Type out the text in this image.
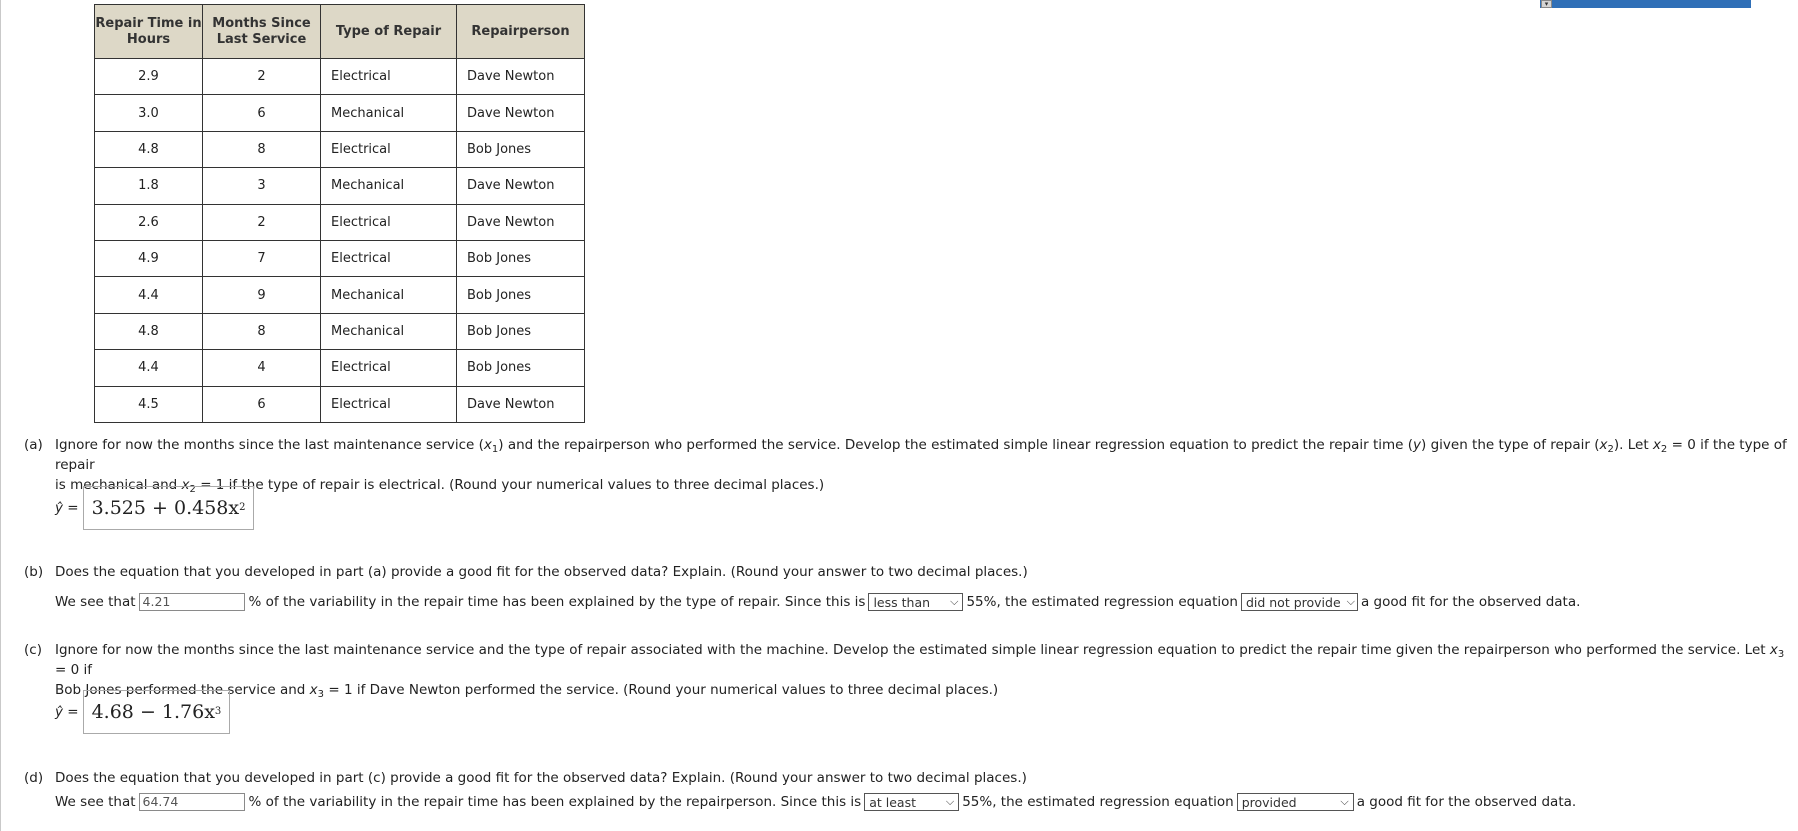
▾
Repair Time in Hours	Months Since Last Service	Type of Repair	Repairperson
2.9	2	Electrical	Dave Newton
3.0	6	Mechanical	Dave Newton
4.8	8	Electrical	Bob Jones
1.8	3	Mechanical	Dave Newton
2.6	2	Electrical	Dave Newton
4.9	7	Electrical	Bob Jones
4.4	9	Mechanical	Bob Jones
4.8	8	Mechanical	Bob Jones
4.4	4	Electrical	Bob Jones
4.5	6	Electrical	Dave Newton
(a) Ignore for now the months since the last maintenance service $(x_1)$ and the repairperson who performed the service. Develop the estimated simple linear regression equation to predict the repair time (y) given the type of repair $(x_2)$. Let $x_2 = 0$ if the type of repair
is mechanical and $x_2 = 1$ if the type of repair is electrical. (Round your numerical values to three decimal places.)
ŷ = 3.525 + 0.458x 2
(b) Does the equation that you developed in part (a) provide a good fit for the observed data? Explain. (Round your answer to two decimal places.)
We see that 4.21	% of the variability in the repair time has been explained by the type of repair. Since this is less than ⌵ 55%, the estimated regression equation did not provide ⌵ a good fit for the observed data.
(c) Ignore for now the months since the last maintenance service and the type of repair associated with the machine. Develop the estimated simple linear regression equation to predict the repair time given the repairperson who performed the service. Let $x_3 = 0$ if
Bob Jones performed the service and $x_3 = 1$ if Dave Newton performed the service. (Round your numerical values to three decimal places.)
ŷ = 4.68 − 1.76x 3
(d) Does the equation that you developed in part (c) provide a good fit for the observed data? Explain. (Round your answer to two decimal places.)
We see that 64.74	% of the variability in the repair time has been explained by the repairperson. Since this is at least	⌵ 55%, the estimated regression equation provided	⌵ a good fit for the observed data.
